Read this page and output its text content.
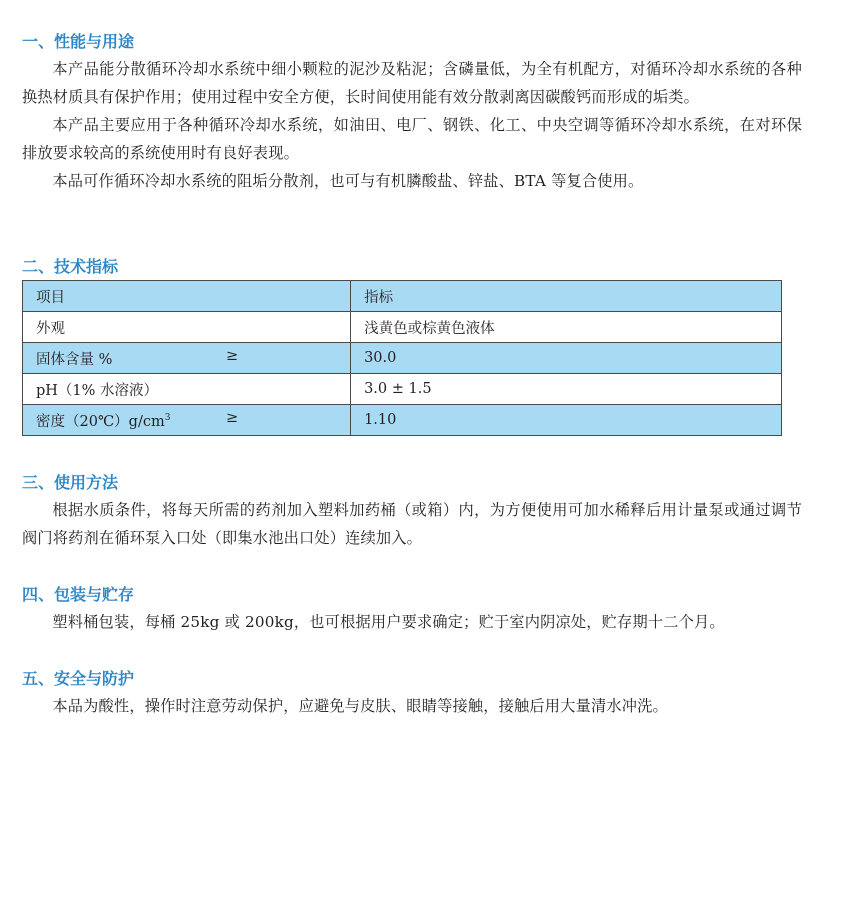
一、性能与用途

本产品能分散循环冷却水系统中细小颗粒的泥沙及粘泥；含磷量低，为全有机配方，对循环冷却水系统的各种换热材质具有保护作用；使用过程中安全方便，长时间使用能有效分散剥离因碳酸钙而形成的垢类。

本产品主要应用于各种循环冷却水系统，如油田、电厂、钢铁、化工、中央空调等循环冷却水系统，在对环保排放要求较高的系统使用时有良好表现。

本品可作循环冷却水系统的阻垢分散剂，也可与有机膦酸盐、锌盐、BTA 等复合使用。

二、技术指标
项目	指标
外观	浅黄色或棕黄色液体

固体含量 % ≥	30.0
pH（1% 水溶液）	3.0 ± 1.5

密度$(20℃)g/cm^3$ ≥	1.10
三、使用方法

根据水质条件，将每天所需的药剂加入塑料加药桶（或箱）内，为方便使用可加水稀释后用计量泵或通过调节阀门将药剂在循环泵入口处（即集水池出口处）连续加入。

四、包装与贮存

塑料桶包装，每桶 25kg 或 200kg，也可根据用户要求确定；贮于室内阴凉处，贮存期十二个月。

五、安全与防护

本品为酸性，操作时注意劳动保护，应避免与皮肤、眼睛等接触，接触后用大量清水冲洗。
